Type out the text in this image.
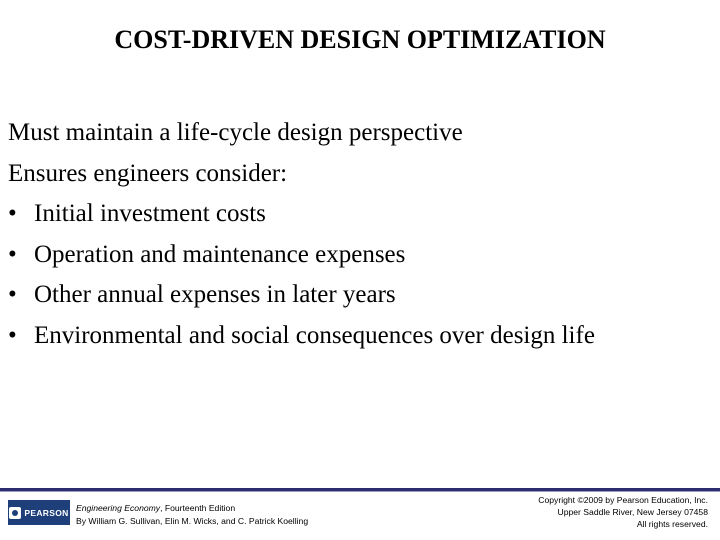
COST-DRIVEN DESIGN OPTIMIZATION
Must maintain a life-cycle design perspective
Ensures engineers consider:
• Initial investment costs
• Operation and maintenance expenses
• Other annual expenses in later years
• Environmental and social consequences over design life
PEARSON Engineering Economy, Fourteenth Edition
By William G. Sullivan, Elin M. Wicks, and C. Patrick Koelling
Copyright ©2009 by Pearson Education, Inc.
Upper Saddle River, New Jersey 07458
All rights reserved.
